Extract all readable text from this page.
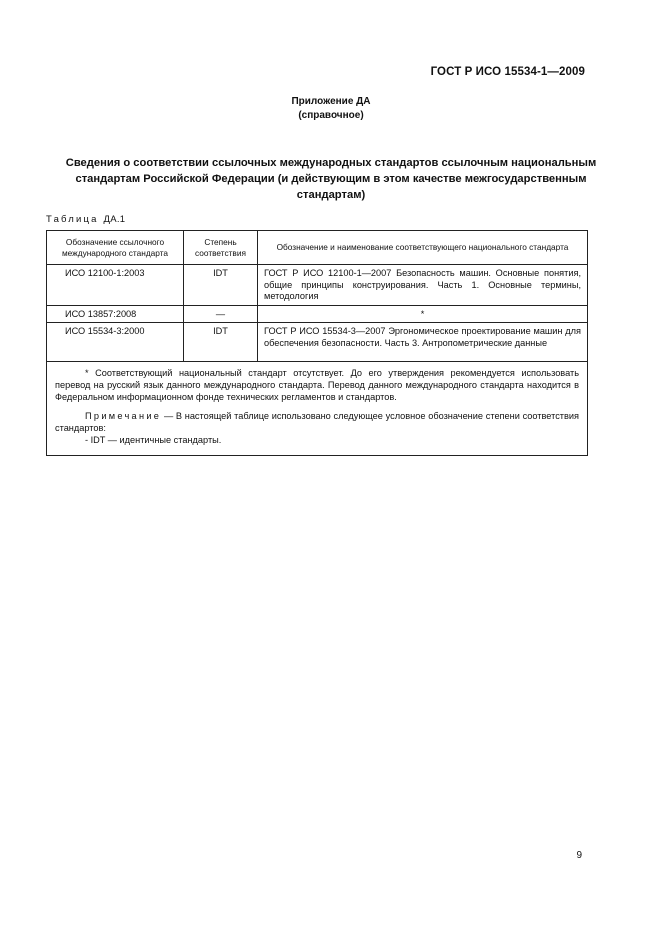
ГОСТ Р ИСО 15534-1—2009
Приложение ДА
(справочное)
Сведения о соответствии ссылочных международных стандартов ссылочным национальным
стандартам Российской Федерации (и действующим в этом качестве межгосударственным
стандартам)
Таблица ДА.1
Обозначение ссылочного международного стандарта	Степень соответствия	Обозначение и наименование соответствующего национального стандарта
ИСО 12100-1:2003	IDT	ГОСТ Р ИСО 12100-1—2007 Безопасность машин. Основные понятия, общие принципы конструирования. Часть 1. Основные термины, методология
ИСО 13857:2008	—	*
ИСО 15534-3:2000	IDT	ГОСТ Р ИСО 15534-3—2007 Эргономическое проектирование машин для обеспечения безопасности. Часть 3. Антропометрические данные

* Соответствующий национальный стандарт отсутствует. До его утверждения рекомендуется использовать перевод на русский язык данного международного стандарта. Перевод данного международного стандарта находится в Федеральном информационном фонде технических регламентов и стандартов.

Примечание — В настоящей таблице использовано следующее условное обозначение степени соответствия стандартов:

- IDT — идентичные стандарты.		
9
